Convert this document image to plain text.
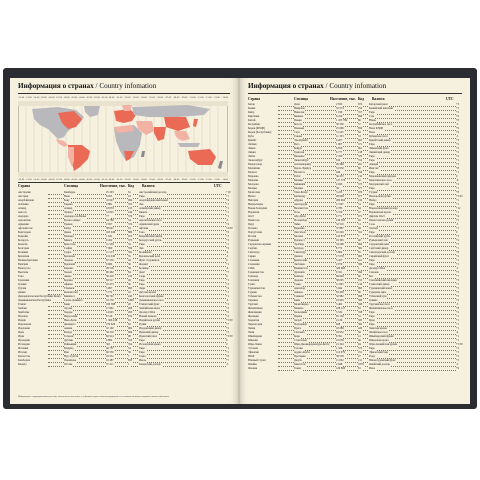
Информация о странах / Country infomation
-12:00 -11:00 -10:00 -09:00 -08:00 -07:00 -06:00 -05:00 -04:00 -03:00 -02:00 -01:00 00:00 +01:00 +02:00 +03:00 +04:00 +05:00 +06:00 +07:00 +08:00 +09:00 +10:00 +11:00 +12:00 +13:00 +14:00
-12:00 -11:00 -10:00 -09:00 -08:00 -07:00 -06:00 -05:00 -04:00 -03:00 -02:00 -01:00 00:00 +01:00 +02:00 +03:00 +04:00 +05:00 +06:00 +07:00 +08:00 +09:00 +10:00 +11:00 +12:00 +13:00 +14:00
Страна	Столица	Население, тыс. Код Валюта	UTC
Австралия	Канберра	25 203	61	Австралийский доллар	+10
Австрия	Вена	8 955	43	Евро	+1
Азербайджан	Баку	10 047	994	Азербайджанский манат	+4
Албания	Тирана	2 881	355	Лек	+1
Алжир	Алжир	43 053	213	Алжирский динар	+1
Ангола	Луанда	31 825	244	Кванза	+1
Андорра	Андорра-ла-Велья	77	376	Евро	+1
Аргентина	Буэнос-Айрес	44 780	54	Аргентинское песо	-3
Армения	Ереван	2 957	374	Армянский драм	+4
Афганистан	Кабул	38 041	93	Афгани	+4:30
Бангладеш	Дакка	163 046	880	Така	+6
Бахрейн	Манама	1 641	973	Бахрейнский динар	+3
Беларусь	Минск	9 452	375	Белорусский рубль	+3
Бельгия	Брюссель	11 539	32	Евро	+1
Болгария	София	7 000	359	Лев	+2
Боливия	Сукре	11 513	591	Боливиано	-4
Бразилия	Бразилиа	211 049	55	Бразильский реал	-3
Великобритания	Лондон	67 530	44	Фунт стерлингов	0
Венгрия	Будапешт	9 684	36	Форинт	+1
Венесуэла	Каракас	28 516	58	Боливар	-4
Вьетнам	Ханой	96 462	84	Донг	+7
Гана	Аккра	30 418	233	Седи	0
Германия	Берлин	83 517	49	Евро	+1
Греция	Афины	10 473	30	Евро	+2
Грузия	Тбилиси	3 997	995	Лари	+4
Дания	Копенгаген	5 772	45	Датская крона	+1
Демократическая Республика Конго	Киншаса	86 791	243	Конголезский франк	+1
Доминиканская Республика	Санто-Доминго	10 739	1809	Доминиканское песо	-4
Египет	Каир	100 388	20	Египетский фунт	+2
Замбия	Лусака	17 861	260	Замбийская квача	+2
Зимбабве	Хараре	14 645	263	Доллар США	+2
Израиль	Иерусалим	8 519	972	Новый шекель	+2
Индия	Нью-Дели	1 366 418	91	Индийская рупия	+5:30
Индонезия	Джакарта	270 626	62	Рупия	+7
Иордания	Амман	10 102	962	Иорданский динар	+2
Ирак	Багдад	39 310	964	Иракский динар	+3
Иран	Тегеран	82 914	98	Иранский риал	+3:30
Ирландия	Дублин	4 882	353	Евро	0
Исландия	Рейкьявик	361	354	Исландская крона	0
Испания	Мадрид	46 737	34	Евро	+1
Италия	Рим	60 550	39	Евро	+1
Казахстан	Нур-Султан	18 551	7	Тенге	+6
Камбоджа	Пномпень	16 487	855	Риель	+7
Канада	Оттава	37 411	1	Канадский доллар	-5
Информация о территориальном делении, численности населения, телефонных кодах и валютах приведена по состоянию на момент издания и может изменяться.
Информация о странах / Country infomation
Страна	Столица	Население, тыс. Код Валюта	UTC
Катар	Доха	2 832	974	Катарский риал	+3
Кения	Найроби	52 574	254	Кенийский шиллинг	+3
Кипр	Никосия	1 199	357	Евро	+2
Киргизия	Бишкек	6 416	996	Сом	+6
Китай	Пекин	1 433 784	86	Юань	+8
Колумбия	Богота	50 339	57	Колумбийское песо	-5
Корея (КНДР)	Пхеньян	25 666	850	Вона КНДР	+9
Корея (Республика)	Сеул	51 225	82	Вона	+9
Куба	Гавана	11 333	53	Кубинское песо	-5
Кувейт	Эль-Кувейт	4 207	965	Кувейтский динар	+3
Латвия	Рига	1 907	371	Евро	+2
Ливан	Бейрут	6 856	961	Ливанский фунт	+2
Ливия	Триполи	6 777	218	Ливийский динар	+2
Литва	Вильнюс	2 760	370	Евро	+2
Люксембург	Люксембург	616	352	Евро	+1
Мадагаскар	Антананариву	26 969	261	Ариари	+3
Малайзия	Куала-Лумпур	31 950	60	Ринггит	+8
Мальта	Валлетта	440	356	Евро	+1
Марокко	Рабат	36 471	212	Марокканский дирхам	0
Мексика	Мехико	127 576	52	Мексиканское песо	-6
Молдова	Кишинёв	4 043	373	Молдавский лей	+2
Монако	Монако	39	377	Евро	+1
Монголия	Улан-Батор	3 225	976	Тугрик	+8
Непал	Катманду	28 609	977	Непальская рупия	+5:45
Нигерия	Абуджа	200 964	234	Найра	+1
Нидерланды	Амстердам	17 097	31	Евро	+1
Новая Зеландия	Веллингтон	4 783	64	Новозеландский доллар	+12
Норвегия	Осло	5 379	47	Норвежская крона	+1
ОАЭ	Абу-Даби	9 771	971	Дирхам ОАЭ	+4
Пакистан	Исламабад	216 565	92	Пакистанская рупия	+5
Перу	Лима	32 510	51	Соль	-5
Польша	Варшава	37 887	48	Злотый	+1
Португалия	Лиссабон	10 226	351	Евро	0
Россия	Москва	145 872	7	Российский рубль	+3
Румыния	Бухарест	19 365	40	Румынский лей	+2
Саудовская Аравия	Эр-Рияд	34 268	966	Саудовский риял	+3
Сербия	Белград	8 772	381	Сербский динар	+1
Сингапур	Сингапур	5 804	65	Сингапурский доллар	+8
Сирия	Дамаск	17 070	963	Сирийский фунт	+2
Словакия	Братислава	5 457	421	Евро	+1
Словения	Любляна	2 079	386	Евро	+1
США	Вашингтон	329 065	1	Доллар США	-5
Таджикистан	Душанбе	9 321	992	Сомони	+5
Таиланд	Бангкок	69 626	66	Бат	+7
Танзания	Додома	58 005	255	Танзанийский шиллинг	+3
Тунис	Тунис	11 695	216	Тунисский динар	+1
Туркменистан	Ашхабад	5 942	993	Туркменский манат	+5
Турция	Анкара	83 430	90	Турецкая лира	+3
Узбекистан	Ташкент	32 982	998	Узбекский сум	+5
Украина	Киев	43 993	380	Гривна	+2
Уругвай	Монтевидео	3 462	598	Уругвайское песо	-3
Филиппины	Манила	108 117	63	Филиппинское песо	+8
Финляндия	Хельсинки	5 532	358	Евро	+2
Франция	Париж	65 130	33	Евро	+1
Хорватия	Загреб	4 130	385	Куна	+1
Черногория	Подгорица	628	382	Евро	+1
Чехия	Прага	10 689	420	Чешская крона	+1
Чили	Сантьяго	18 952	56	Чилийское песо	-4
Швейцария	Берн	8 591	41	Швейцарский франк	+1
Швеция	Стокгольм	10 036	46	Шведская крона	+1
Шри-Ланка	Шри-Джаяварденепура-Котте	21 324	94	Шри-ланкийская рупия	+5:30
Эстония	Таллин	1 326	372	Евро	+2
Эфиопия	Аддис-Абеба	112 079	251	Эфиопский быр	+3
ЮАР	Претория	58 558	27	Рэнд	+2
Южный Судан	Джуба	11 062	211	Южносуданский фунт	+3
Ямайка	Кингстон	2 948	1876	Ямайский доллар	-5
Япония	Токио	126 860	81	Иена	+9
